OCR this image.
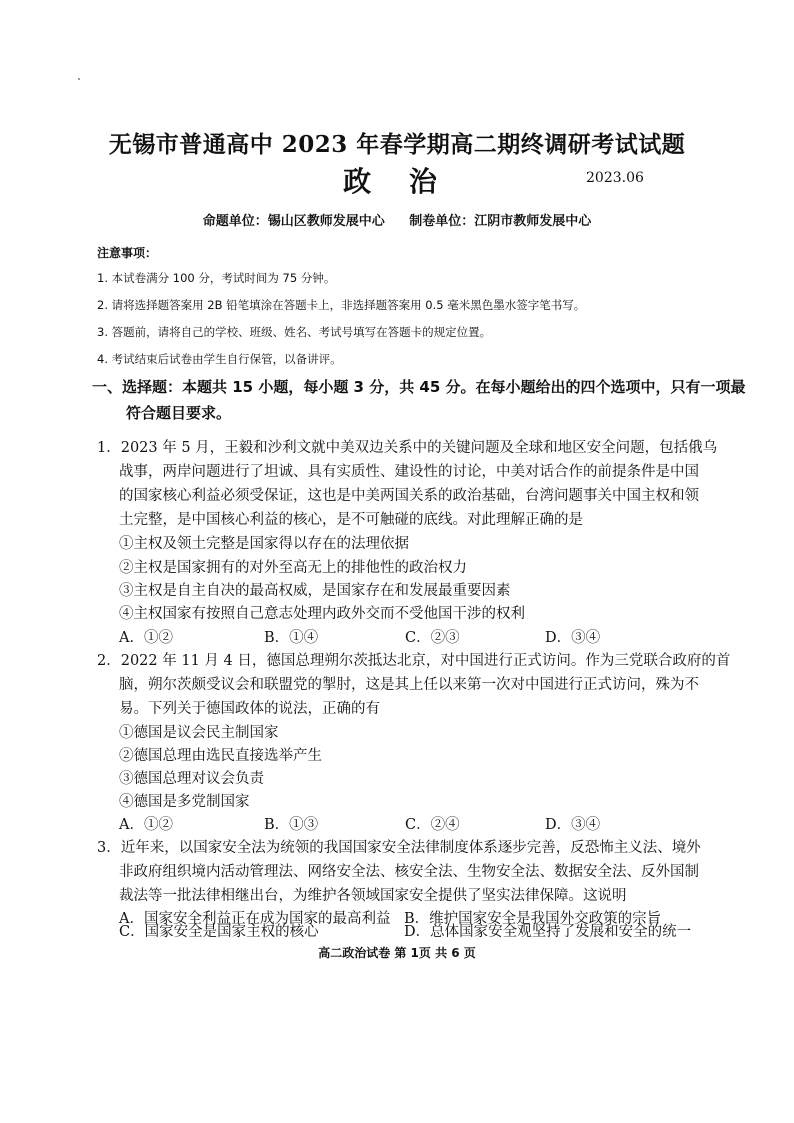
无锡市普通高中 2023 年春学期高二期终调研考试试题
政 治	2023.06
命题单位：锡山区教师发展中心 制卷单位：江阴市教师发展中心
注意事项：
1. 本试卷满分 100 分，考试时间为 75 分钟。
2. 请将选择题答案用 2B 铅笔填涂在答题卡上，非选择题答案用 0.5 毫米黑色墨水签字笔书写。
3. 答题前，请将自己的学校、班级、姓名、考试号填写在答题卡的规定位置。
4. 考试结束后试卷由学生自行保管，以备讲评。
一、选择题：本题共 15 小题，每小题 3 分，共 45 分。在每小题给出的四个选项中，只有一项最
符合题目要求。
1．2023 年 5 月，王毅和沙利文就中美双边关系中的关键问题及全球和地区安全问题，包括俄乌
战事，两岸问题进行了坦诚、具有实质性、建设性的讨论，中美对话合作的前提条件是中国
的国家核心利益必须受保证，这也是中美两国关系的政治基础，台湾问题事关中国主权和领
土完整，是中国核心利益的核心，是不可触碰的底线。对此理解正确的是
①主权及领土完整是国家得以存在的法理依据
②主权是国家拥有的对外至高无上的排他性的政治权力
③主权是自主自决的最高权威，是国家存在和发展最重要因素
④主权国家有按照自己意志处理内政外交而不受他国干涉的权利
A．①②	B．①④	C．②③	D．③④
2．2022 年 11 月 4 日，德国总理朔尔茨抵达北京，对中国进行正式访问。作为三党联合政府的首
脑，朔尔茨颇受议会和联盟党的掣肘，这是其上任以来第一次对中国进行正式访问，殊为不
易。下列关于德国政体的说法，正确的有
①德国是议会民主制国家
②德国总理由选民直接选举产生
③德国总理对议会负责
④德国是多党制国家
A．①②	B．①③	C．②④	D．③④
3．近年来，以国家安全法为统领的我国国家安全法律制度体系逐步完善，反恐怖主义法、境外
非政府组织境内活动管理法、网络安全法、核安全法、生物安全法、数据安全法、反外国制
裁法等一批法律相继出台，为维护各领域国家安全提供了坚实法律保障。这说明
A．国家安全利益正在成为国家的最高利益 B．维护国家安全是我国外交政策的宗旨
C．国家安全是国家主权的核心	D．总体国家安全观坚持了发展和安全的统一
高二政治试卷 第 1页 共 6 页
